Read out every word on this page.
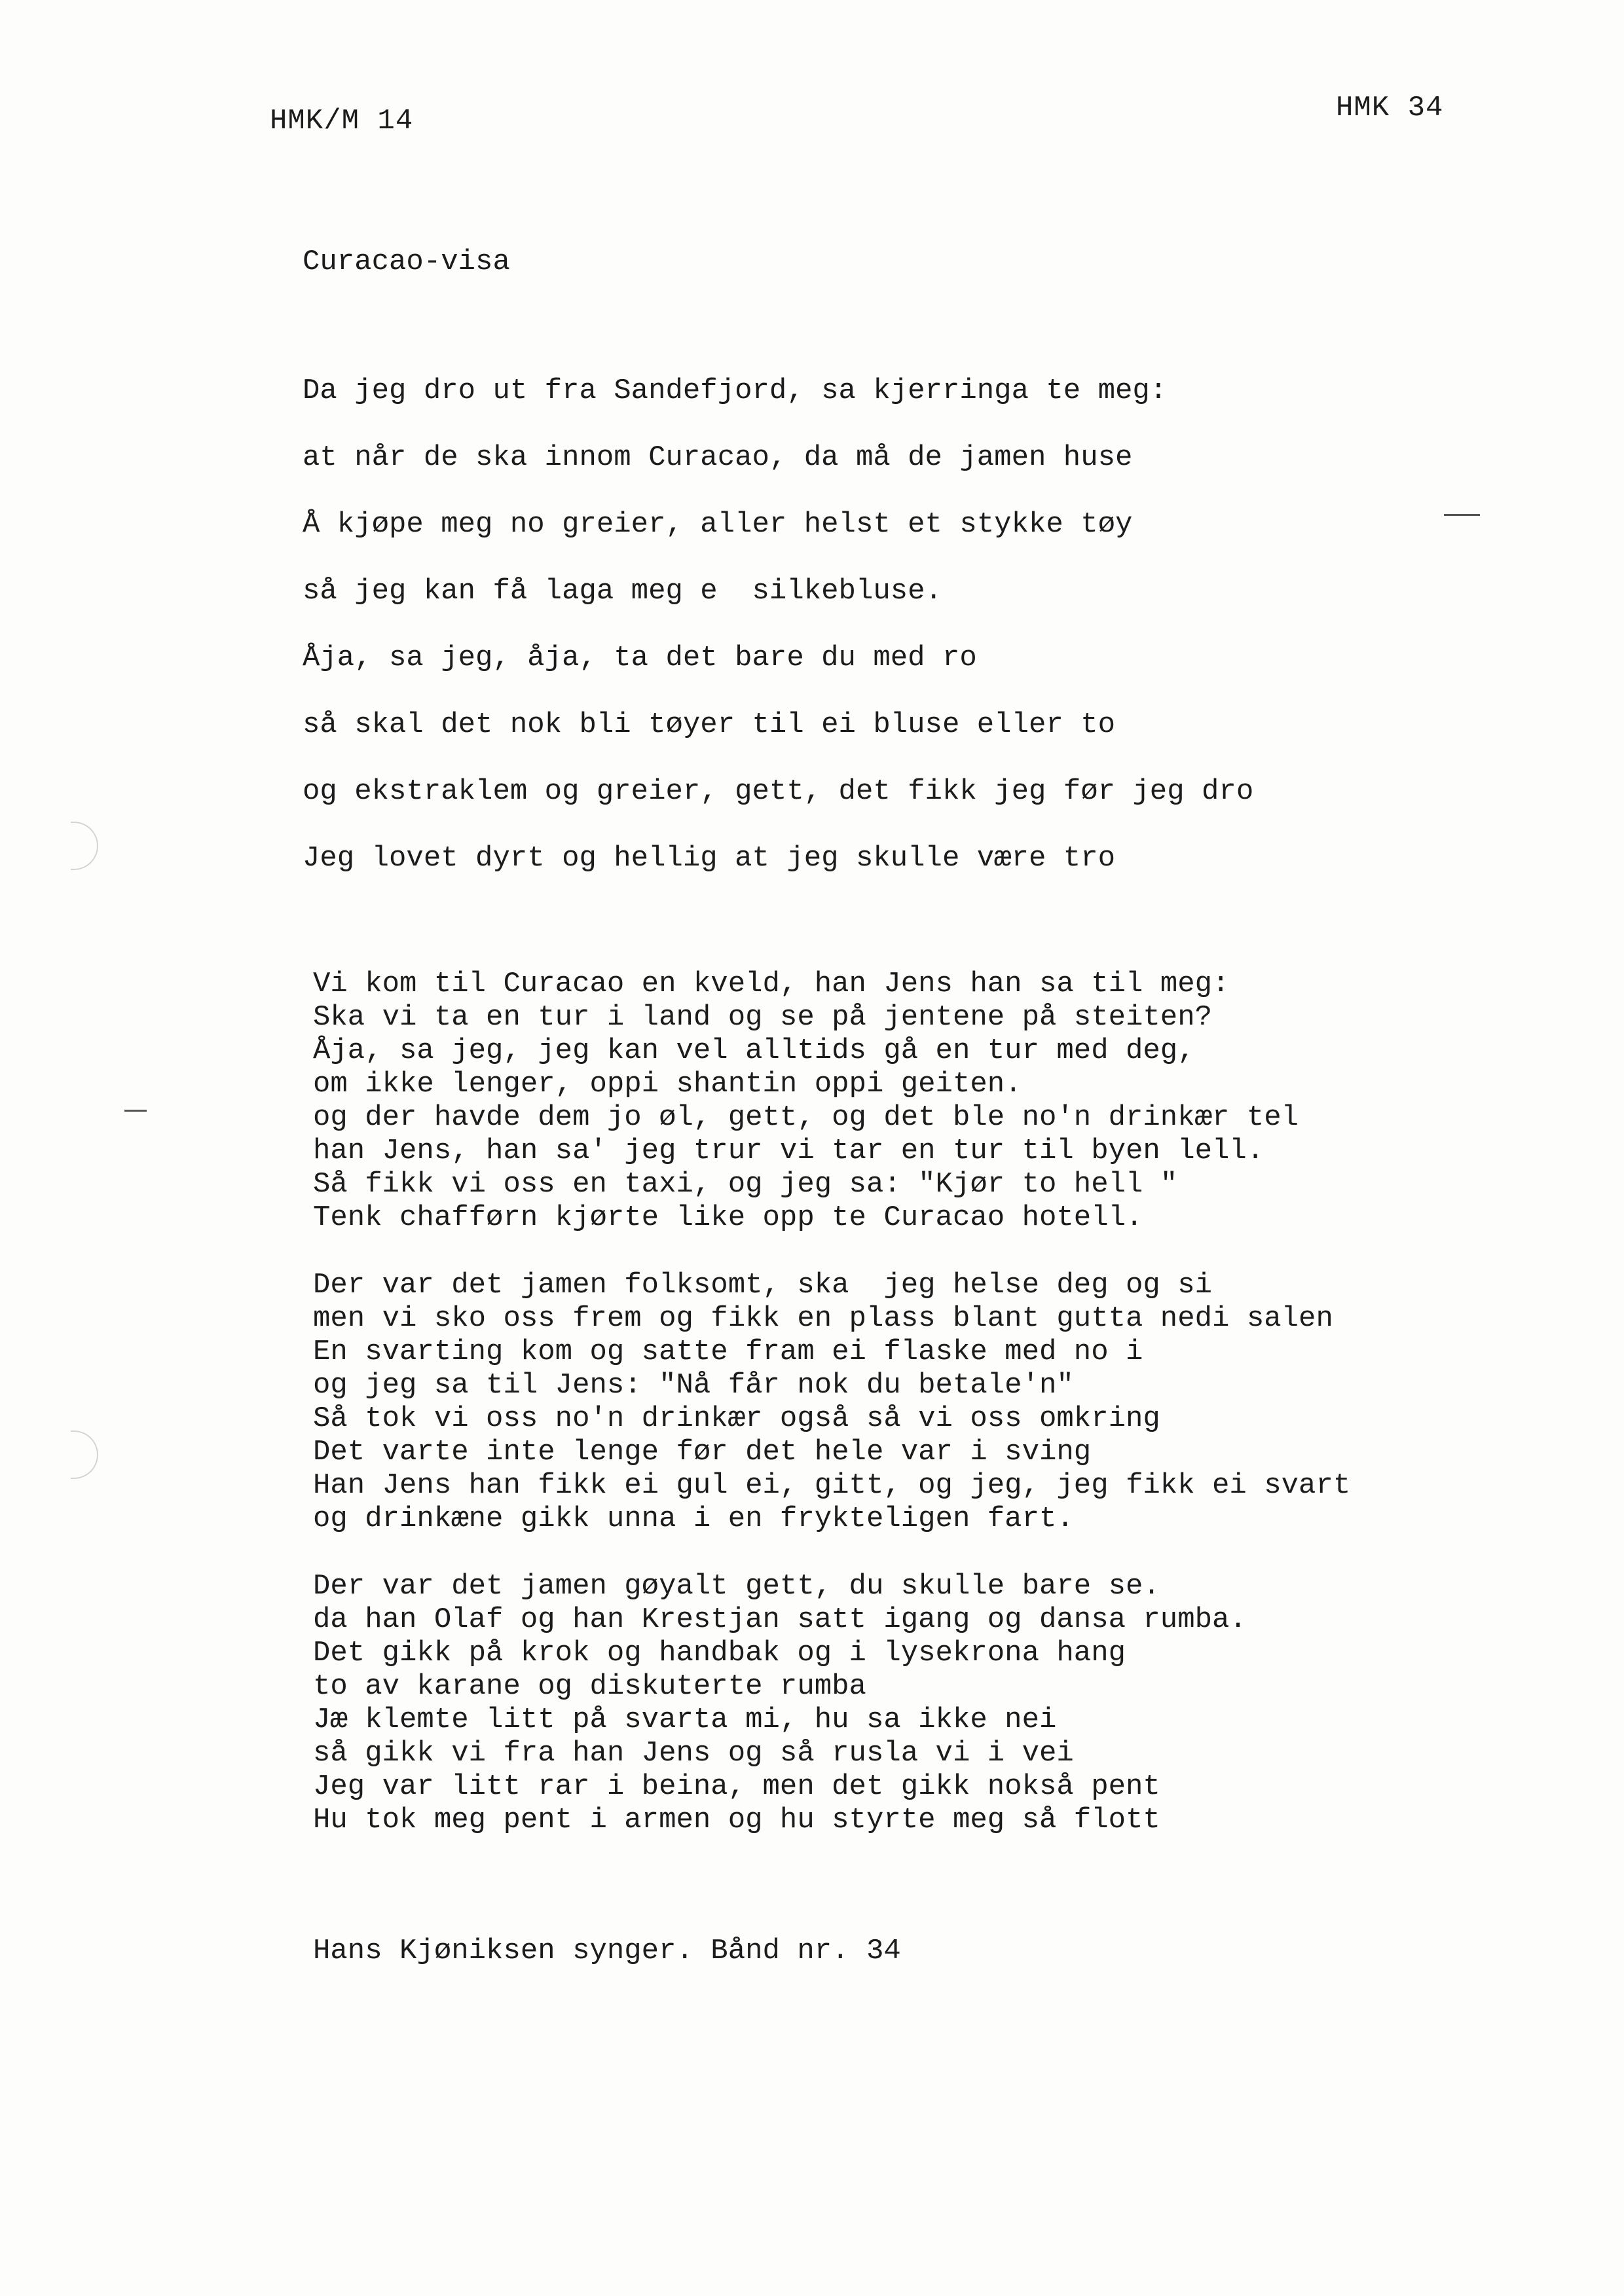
HMK/M 14	HMK 34
Curacao-visa
Da jeg dro ut fra Sandefjord, sa kjerringa te meg:
at når de ska innom Curacao, da må de jamen huse
Å kjøpe meg no greier, aller helst et stykke tøy
så jeg kan få laga meg e  silkebluse.
Åja, sa jeg, åja, ta det bare du med ro
så skal det nok bli tøyer til ei bluse eller to
og ekstraklem og greier, gett, det fikk jeg før jeg dro
Jeg lovet dyrt og hellig at jeg skulle være tro
Vi kom til Curacao en kveld, han Jens han sa til meg:
Ska vi ta en tur i land og se på jentene på steiten?
Åja, sa jeg, jeg kan vel alltids gå en tur med deg,
om ikke lenger, oppi shantin oppi geiten.
og der havde dem jo øl, gett, og det ble no'n drinkær tel
han Jens, han sa' jeg trur vi tar en tur til byen lell.
Så fikk vi oss en taxi, og jeg sa: "Kjør to hell "
Tenk chafførn kjørte like opp te Curacao hotell.
Der var det jamen folksomt, ska  jeg helse deg og si
men vi sko oss frem og fikk en plass blant gutta nedi salen
En svarting kom og satte fram ei flaske med no i
og jeg sa til Jens: "Nå får nok du betale'n"
Så tok vi oss no'n drinkær også så vi oss omkring
Det varte inte lenge før det hele var i sving
Han Jens han fikk ei gul ei, gitt, og jeg, jeg fikk ei svart
og drinkæne gikk unna i en frykteligen fart.
Der var det jamen gøyalt gett, du skulle bare se.
da han Olaf og han Krestjan satt igang og dansa rumba.
Det gikk på krok og handbak og i lysekrona hang
to av karane og diskuterte rumba
Jæ klemte litt på svarta mi, hu sa ikke nei
så gikk vi fra han Jens og så rusla vi i vei
Jeg var litt rar i beina, men det gikk nokså pent
Hu tok meg pent i armen og hu styrte meg så flott
Hans Kjøniksen synger. Bånd nr. 34
